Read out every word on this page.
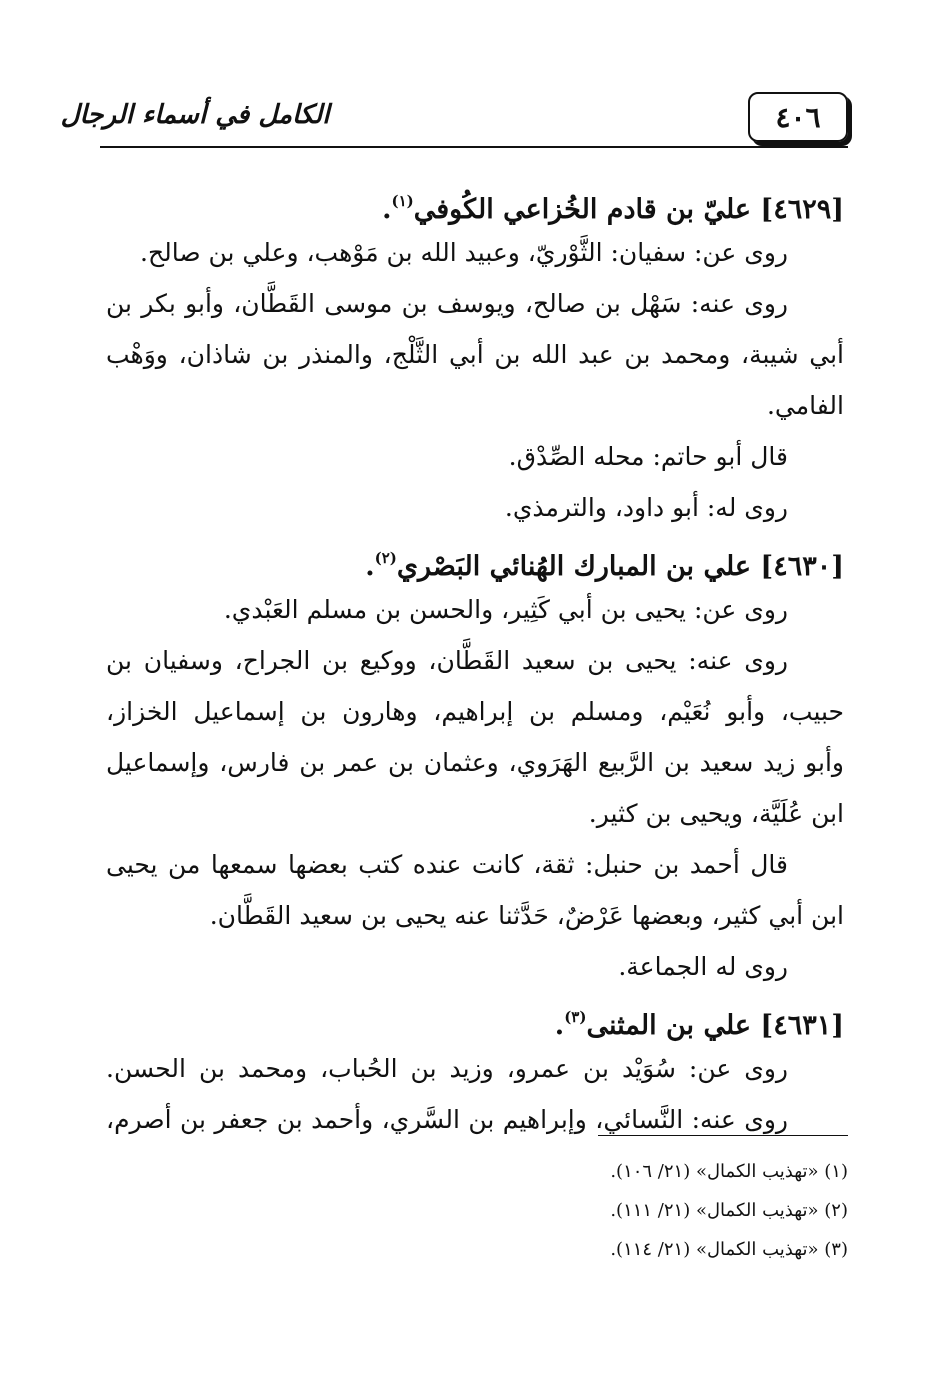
٤٠٦
الكامل في أسماء الرجال
[٤٦٢٩] عليّ بن قادم الخُزاعي الكُوفي$^{(١)}$.
روى عن: سفيان: الثَّوْريّ، وعبيد الله بن مَوْهب، وعلي بن صالح.
روى عنه: سَهْل بن صالح، ويوسف بن موسى القَطَّان، وأبو بكر بن
أبي شيبة، ومحمد بن عبد الله بن أبي الثَّلْج، والمنذر بن شاذان، ووَهْب
الفامي.
قال أبو حاتم: محله الصِّدْق.
روى له: أبو داود، والترمذي.
[٤٦٣٠] علي بن المبارك الهُنائي البَصْري$^{(٢)}$.
روى عن: يحيى بن أبي كَثِير، والحسن بن مسلم العَبْدي.
روى عنه: يحيى بن سعيد القَطَّان، ووكيع بن الجراح، وسفيان بن
حبيب، وأبو نُعَيْم، ومسلم بن إبراهيم، وهارون بن إسماعيل الخزاز،
وأبو زيد سعيد بن الرَّبيع الهَرَوي، وعثمان بن عمر بن فارس، وإسماعيل
ابن عُلَيَّة، ويحيى بن كثير.
قال أحمد بن حنبل: ثقة، كانت عنده كتب بعضها سمعها من يحيى
ابن أبي كثير، وبعضها عَرْضٌ، حَدَّثنا عنه يحيى بن سعيد القَطَّان.
روى له الجماعة.
[٤٦٣١] علي بن المثنى$^{(٣)}$.
روى عن: سُوَيْد بن عمرو، وزيد بن الحُباب، ومحمد بن الحسن.
روى عنه: النَّسائي، وإبراهيم بن السَّري، وأحمد بن جعفر بن أصرم،
(١) «تهذيب الكمال» (٢١/ ١٠٦).
(٢) «تهذيب الكمال» (٢١/ ١١١).
(٣) «تهذيب الكمال» (٢١/ ١١٤).
